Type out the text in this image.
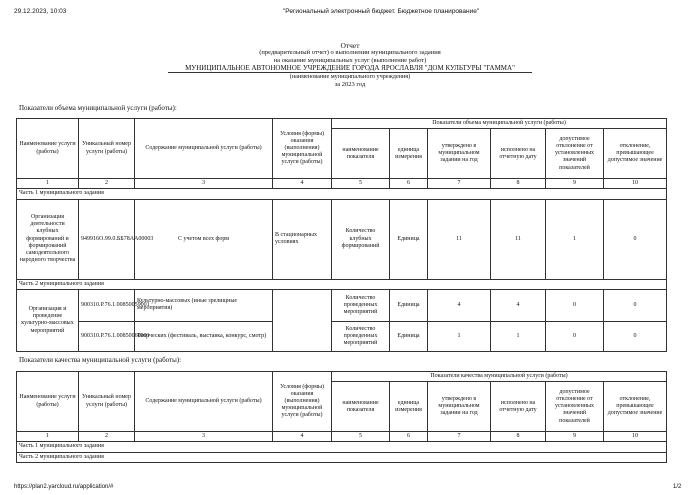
29.12.2023, 10:03	"Региональный электронный бюджет. Бюджетное планирование"
Отчет
(предварительный отчет) о выполнении муниципального задания
на оказание муниципальных услуг (выполнение работ)
МУНИЦИПАЛЬНОЕ АВТОНОМНОЕ УЧРЕЖДЕНИЕ ГОРОДА ЯРОСЛАВЛЯ "ДОМ КУЛЬТУРЫ "ГАММА"
(наименование муниципального учреждения)
за 2023 год
Показатели объема муниципальной услуги (работы):
Наименование услуги (работы)	Уникальный номер услуги (работы)	Содержание муниципальной услуги (работы)	Условия (формы) оказания (выполнения) муниципальной услуги (работы)	Показатели объема муниципальной услуги (работы)					
				наименование показателя	единица измерения	утверждено в муниципальном задании на год	исполнено на отчетную дату	допустимое отклонение от установленных значений показателей	отклонение, превышающее допустимое значение
1	2	3	4	5	6	7	8	9	10
Часть 1 муниципального задания									
Организация деятельности клубных формирований и формирований самодеятельного народного творчества	949916О.99.0.ББ78АА00003	С учетом всех форм	В стационарных условиях	Количество клубных формирований	Единица	11	11	1	0
Часть 2 муниципального задания									
Организация и проведение культурно-массовых мероприятий	900310.Р.76.1.00850059001	Культурно-массовых (иные зрелищные мероприятия)		Количество проведенных мероприятий	Единица	4	4	0	0
	900310.Р.76.1.00850060001	Творческих (фестиваль, выставка, конкурс, смотр)		Количество проведенных мероприятий	Единица	1	1	0	0
Показатели качества муниципальной услуги (работы):
Наименование услуги (работы)	Уникальный номер услуги (работы)	Содержание муниципальной услуги (работы)	Условия (формы) оказания (выполнения) муниципальной услуги (работы)	Показатели качества муниципальной услуги (работы)					
				наименование показателя	единица измерения	утверждено в муниципальном задании на год	исполнено на отчетную дату	допустимое отклонение от установленных значений показателей	отклонение, превышающее допустимое значение
1	2	3	4	5	6	7	8	9	10
Часть 1 муниципального задания									
Часть 2 муниципального задания									
https://plan2.yarcloud.ru/application/#	1/2
